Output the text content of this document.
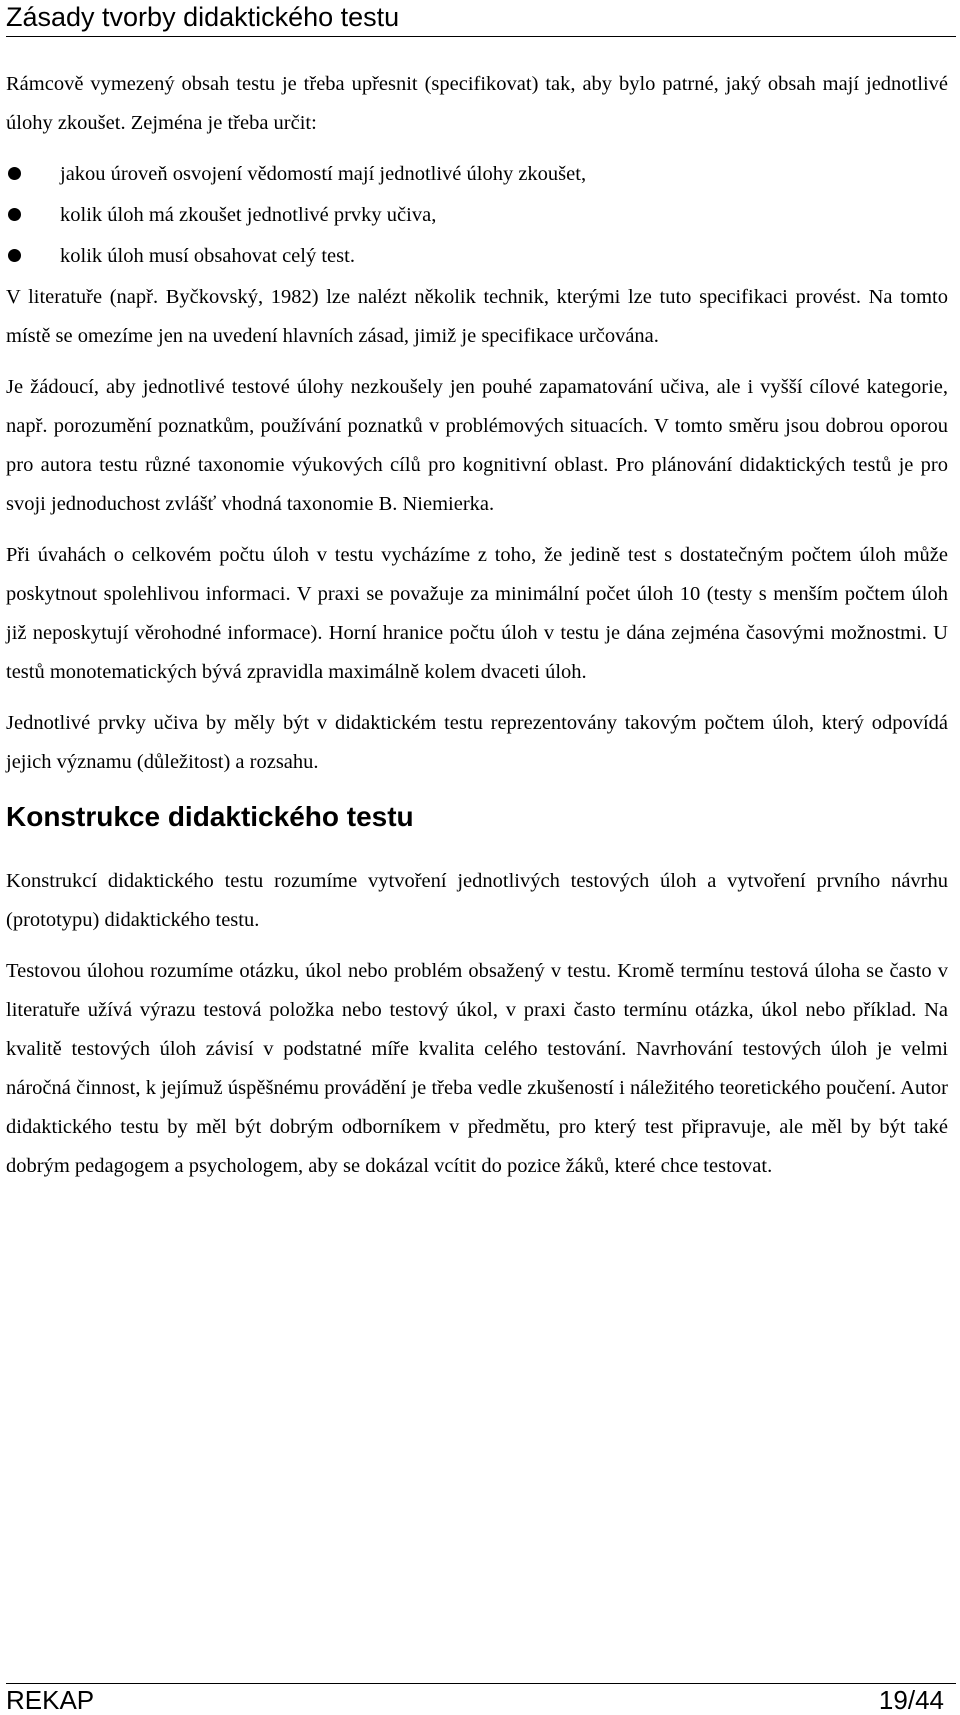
Zásady tvorby didaktického testu

Rámcově vymezený obsah testu je třeba upřesnit (specifikovat) tak, aby bylo patrné, jaký obsah mají jednotlivé úlohy zkoušet. Zejména je třeba určit:

jakou úroveň osvojení vědomostí mají jednotlivé úlohy zkoušet,
kolik úloh má zkoušet jednotlivé prvky učiva,
kolik úloh musí obsahovat celý test.

V literatuře (např. Byčkovský, 1982) lze nalézt několik technik, kterými lze tuto specifikaci provést. Na tomto místě se omezíme jen na uvedení hlavních zásad, jimiž je specifikace určována.

Je žádoucí, aby jednotlivé testové úlohy nezkoušely jen pouhé zapamatování učiva, ale i vyšší cílové kategorie, např. porozumění poznatkům, používání poznatků v problémových situacích. V tomto směru jsou dobrou oporou pro autora testu různé taxonomie výukových cílů pro kognitivní oblast. Pro plánování didaktických testů je pro svoji jednoduchost zvlášť vhodná taxonomie B. Niemierka.

Při úvahách o celkovém počtu úloh v testu vycházíme z toho, že jedině test s dostatečným počtem úloh může poskytnout spolehlivou informaci. V praxi se považuje za minimální počet úloh 10 (testy s menším počtem úloh již neposkytují věrohodné informace). Horní hranice počtu úloh v testu je dána zejména časovými možnostmi. U testů monotematických bývá zpravidla maximálně kolem dvaceti úloh.

Jednotlivé prvky učiva by měly být v didaktickém testu reprezentovány takovým počtem úloh, který odpovídá jejich významu (důležitost) a rozsahu.

Konstrukce didaktického testu

Konstrukcí didaktického testu rozumíme vytvoření jednotlivých testových úloh a vytvoření prvního návrhu (prototypu) didaktického testu.

Testovou úlohou rozumíme otázku, úkol nebo problém obsažený v testu. Kromě termínu testová úloha se často v literatuře užívá výrazu testová položka nebo testový úkol, v praxi často termínu otázka, úkol nebo příklad. Na kvalitě testových úloh závisí v podstatné míře kvalita celého testování. Navrhování testových úloh je velmi náročná činnost, k jejímuž úspěšnému provádění je třeba vedle zkušeností i náležitého teoretického poučení. Autor didaktického testu by měl být dobrým odborníkem v předmětu, pro který test připravuje, ale měl by být také dobrým pedagogem a psychologem, aby se dokázal vcítit do pozice žáků, které chce testovat.

REKAP	19/44
